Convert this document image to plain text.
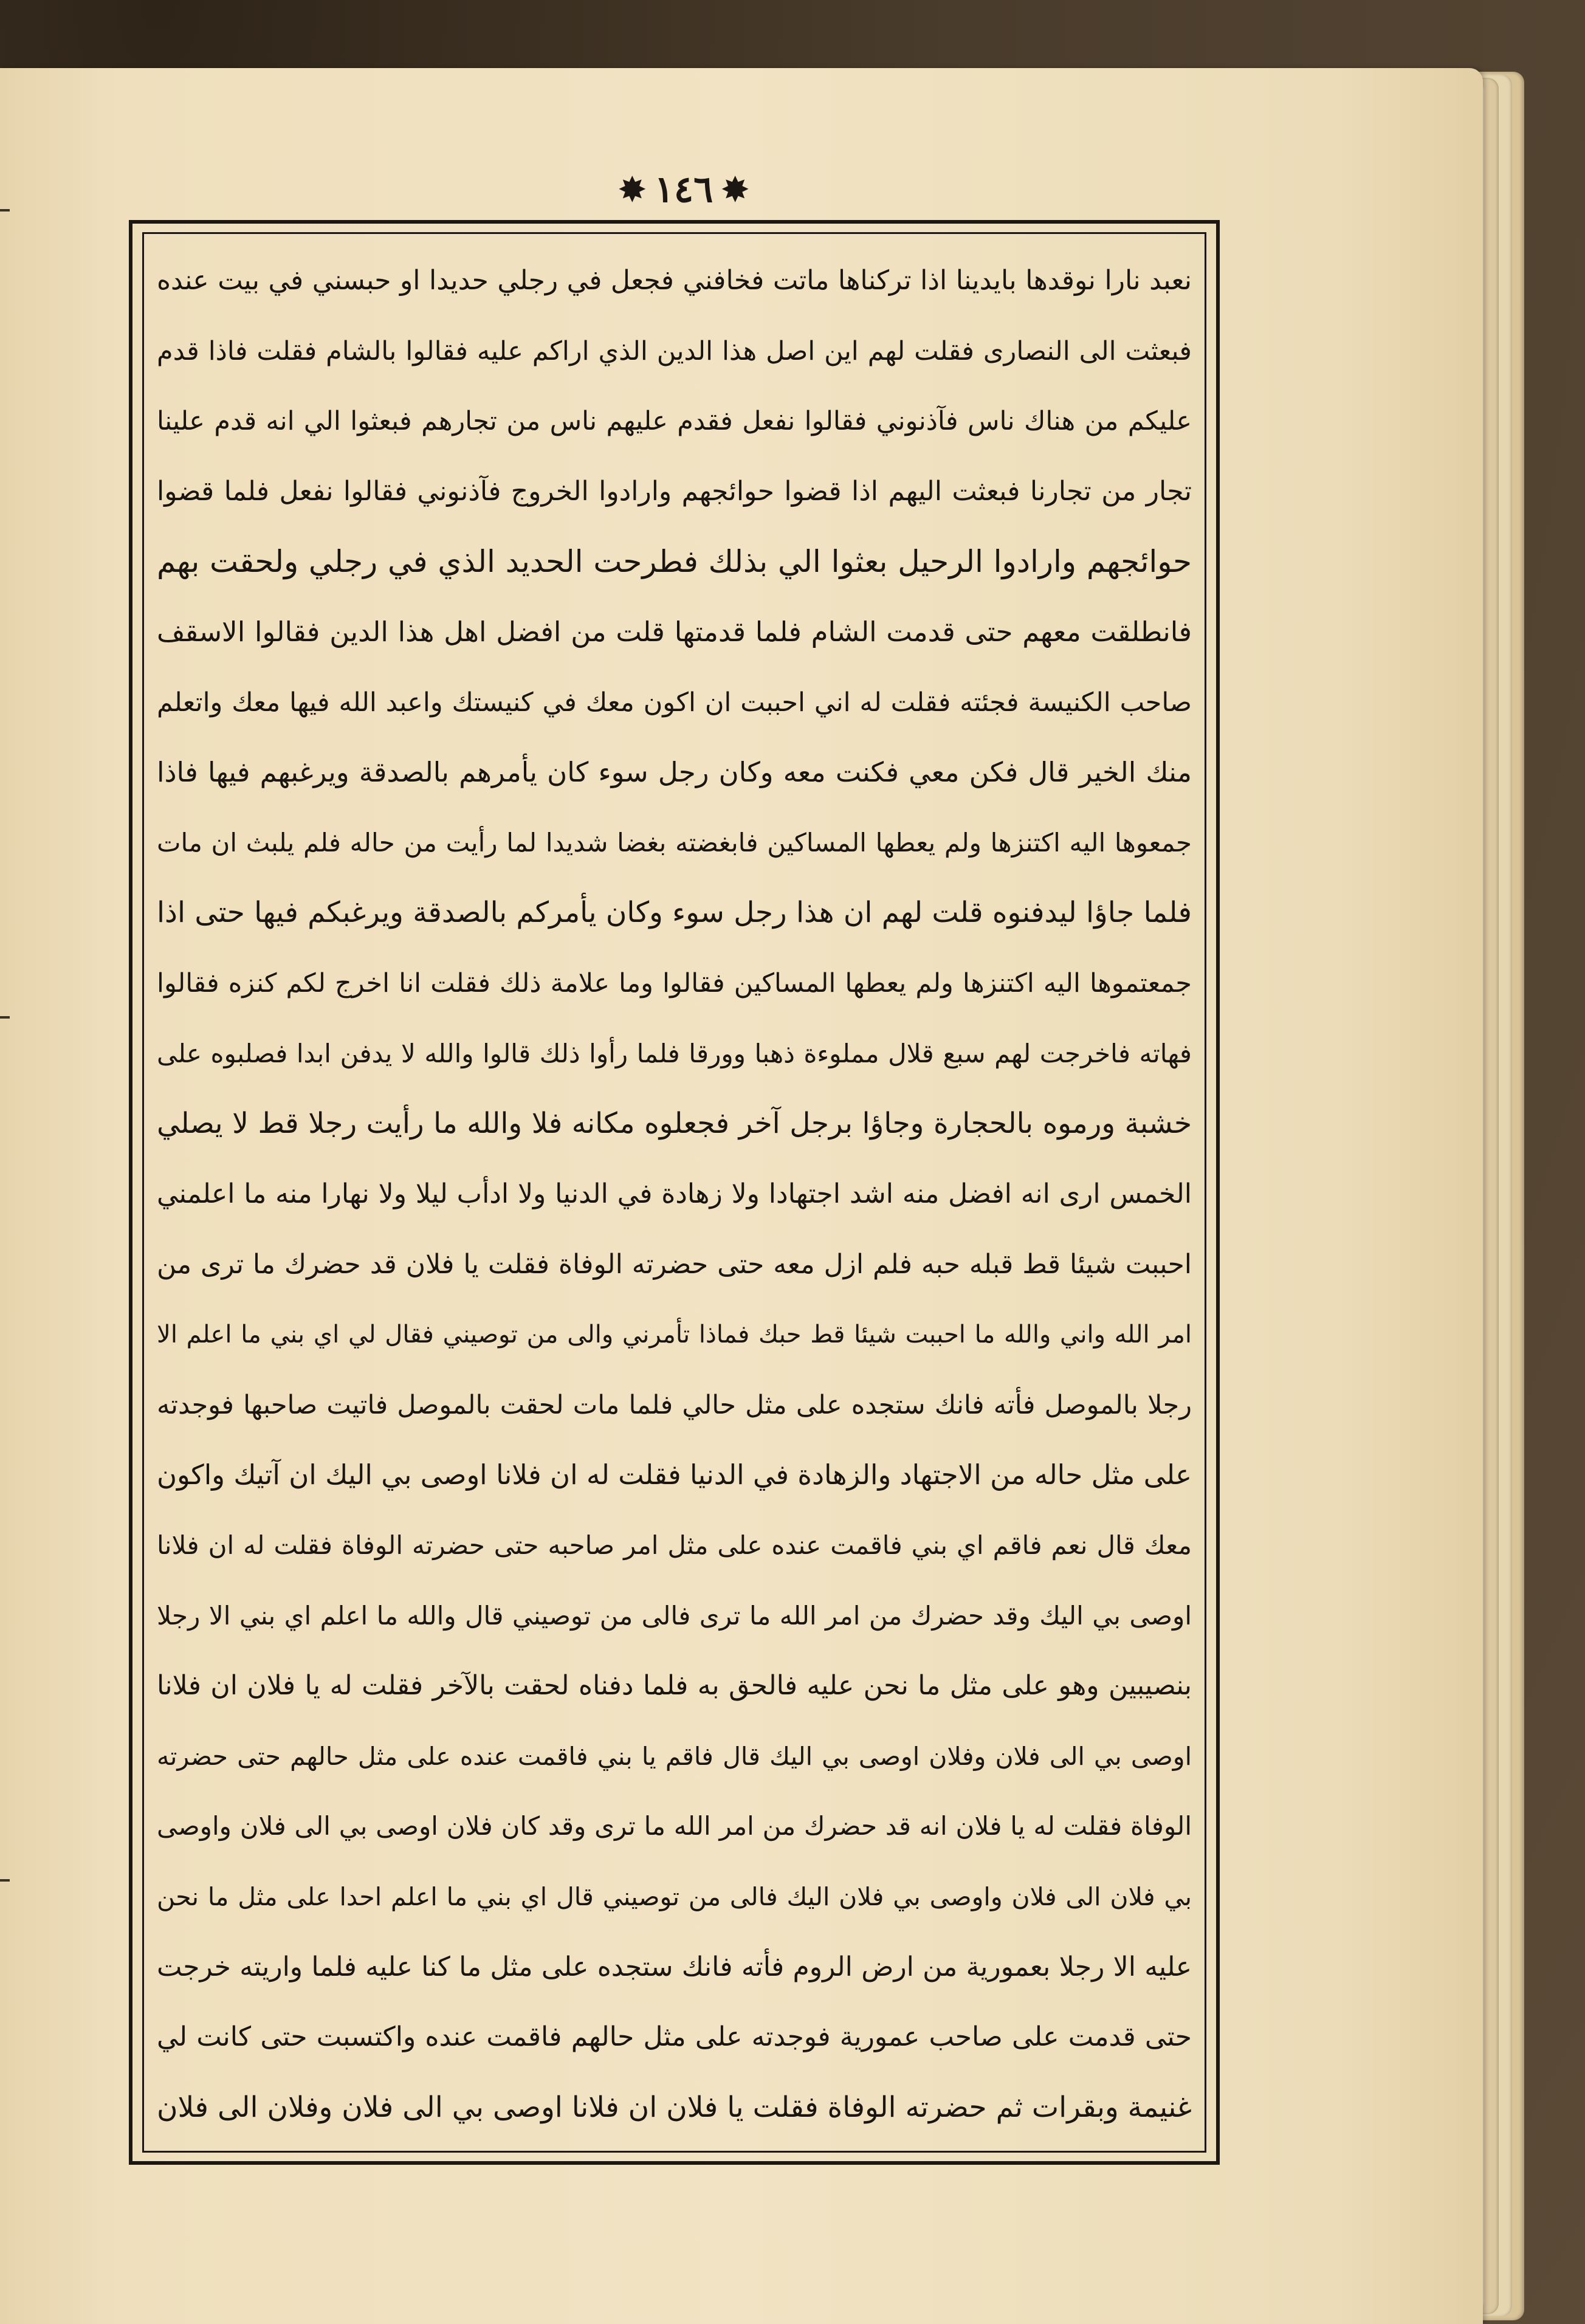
✸ ١٤٦ ✸
نعبد نارا نوقدها بايدينا اذا تركناها ماتت فخافني فجعل في رجلي حديدا او حبسني في بيت عنده
فبعثت الى النصارى فقلت لهم اين اصل هذا الدين الذي اراكم عليه فقالوا بالشام فقلت فاذا قدم
عليكم من هناك ناس فآذنوني فقالوا نفعل فقدم عليهم ناس من تجارهم فبعثوا الي انه قدم علينا
تجار من تجارنا فبعثت اليهم اذا قضوا حوائجهم وارادوا الخروج فآذنوني فقالوا نفعل فلما قضوا
حوائجهم وارادوا الرحيل بعثوا الي بذلك فطرحت الحديد الذي في رجلي ولحقت بهم
فانطلقت معهم حتى قدمت الشام فلما قدمتها قلت من افضل اهل هذا الدين فقالوا الاسقف
صاحب الكنيسة فجئته فقلت له اني احببت ان اكون معك في كنيستك واعبد الله فيها معك واتعلم
منك الخير قال فكن معي فكنت معه وكان رجل سوء كان يأمرهم بالصدقة ويرغبهم فيها فاذا
جمعوها اليه اكتنزها ولم يعطها المساكين فابغضته بغضا شديدا لما رأيت من حاله فلم يلبث ان مات
فلما جاؤا ليدفنوه قلت لهم ان هذا رجل سوء وكان يأمركم بالصدقة ويرغبكم فيها حتى اذا
جمعتموها اليه اكتنزها ولم يعطها المساكين فقالوا وما علامة ذلك فقلت انا اخرج لكم كنزه فقالوا
فهاته فاخرجت لهم سبع قلال مملوءة ذهبا وورقا فلما رأوا ذلك قالوا والله لا يدفن ابدا فصلبوه على
خشبة ورموه بالحجارة وجاؤا برجل آخر فجعلوه مكانه فلا والله ما رأيت رجلا قط لا يصلي
الخمس ارى انه افضل منه اشد اجتهادا ولا زهادة في الدنيا ولا ادأب ليلا ولا نهارا منه ما اعلمني
احببت شيئا قط قبله حبه فلم ازل معه حتى حضرته الوفاة فقلت يا فلان قد حضرك ما ترى من
امر الله واني والله ما احببت شيئا قط حبك فماذا تأمرني والى من توصيني فقال لي اي بني ما اعلم الا
رجلا بالموصل فأته فانك ستجده على مثل حالي فلما مات لحقت بالموصل فاتيت صاحبها فوجدته
على مثل حاله من الاجتهاد والزهادة في الدنيا فقلت له ان فلانا اوصى بي اليك ان آتيك واكون
معك قال نعم فاقم اي بني فاقمت عنده على مثل امر صاحبه حتى حضرته الوفاة فقلت له ان فلانا
اوصى بي اليك وقد حضرك من امر الله ما ترى فالى من توصيني قال والله ما اعلم اي بني الا رجلا
بنصيبين وهو على مثل ما نحن عليه فالحق به فلما دفناه لحقت بالآخر فقلت له يا فلان ان فلانا
اوصى بي الى فلان وفلان اوصى بي اليك قال فاقم يا بني فاقمت عنده على مثل حالهم حتى حضرته
الوفاة فقلت له يا فلان انه قد حضرك من امر الله ما ترى وقد كان فلان اوصى بي الى فلان واوصى
بي فلان الى فلان واوصى بي فلان اليك فالى من توصيني قال اي بني ما اعلم احدا على مثل ما نحن
عليه الا رجلا بعمورية من ارض الروم فأته فانك ستجده على مثل ما كنا عليه فلما واريته خرجت
حتى قدمت على صاحب عمورية فوجدته على مثل حالهم فاقمت عنده واكتسبت حتى كانت لي
غنيمة وبقرات ثم حضرته الوفاة فقلت يا فلان ان فلانا اوصى بي الى فلان وفلان الى فلان
